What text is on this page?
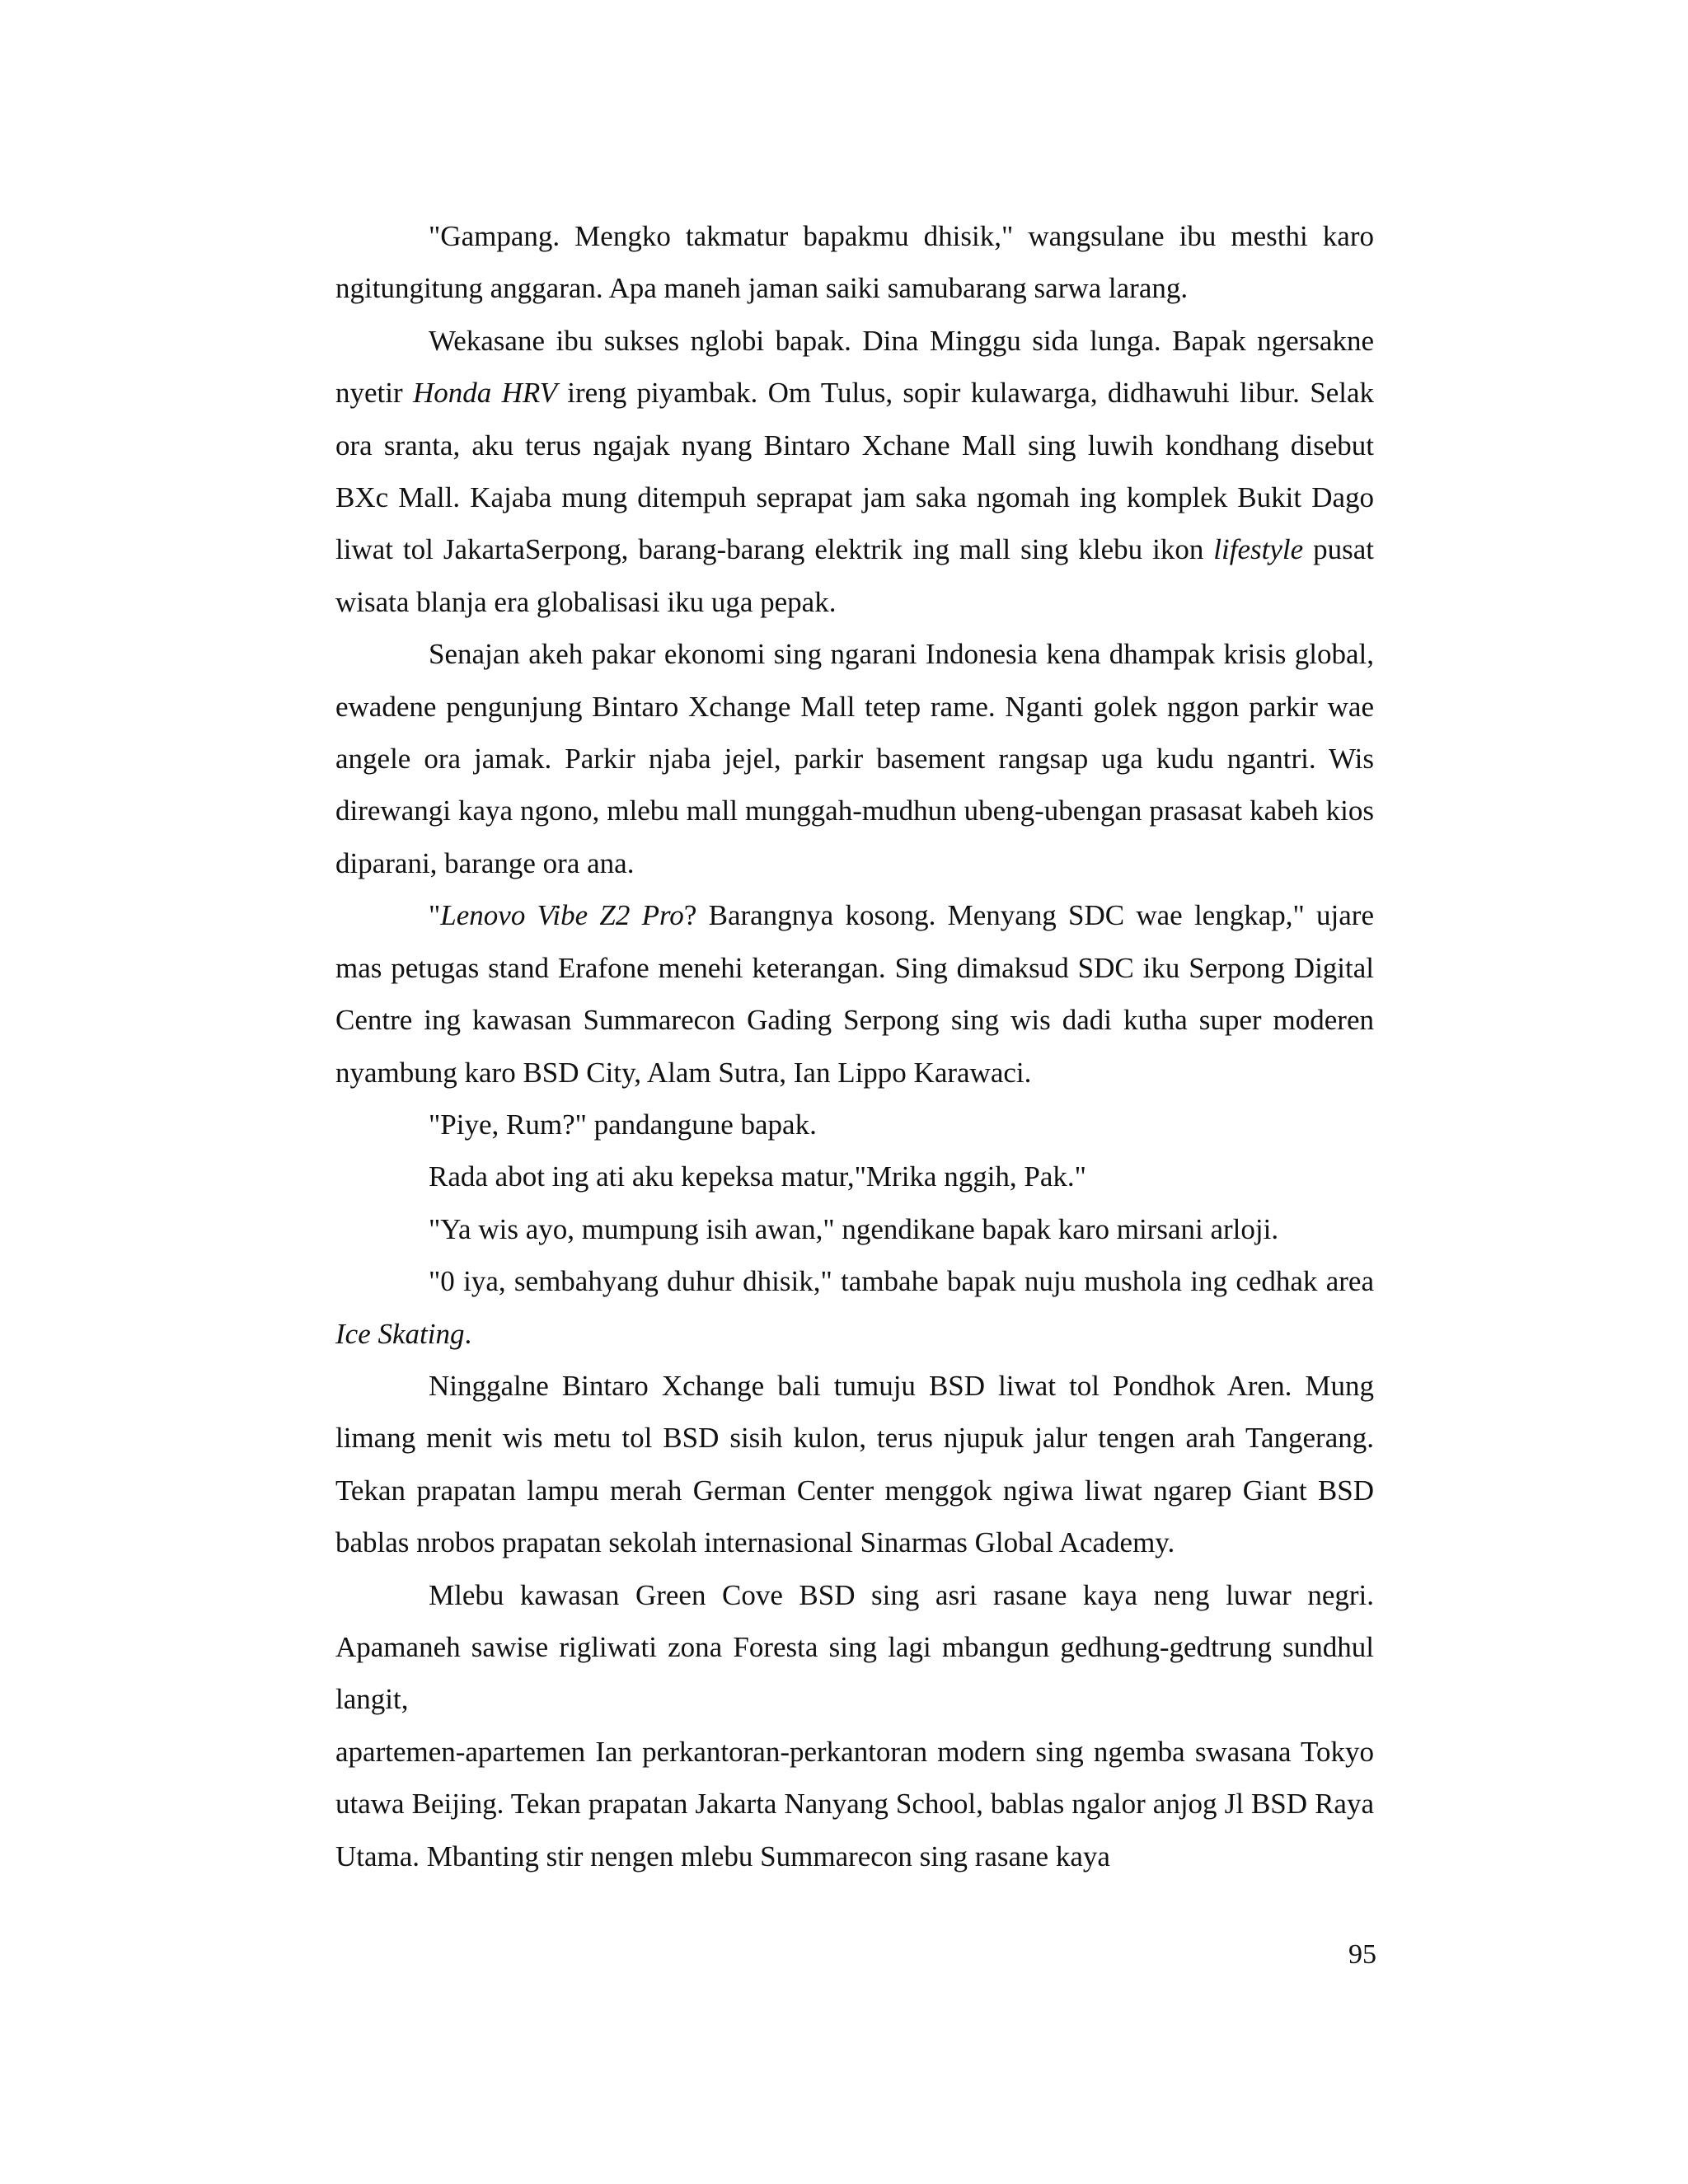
"Gampang. Mengko takmatur bapakmu dhisik," wangsulane ibu mesthi karo ngitungitung anggaran. Apa maneh jaman saiki samubarang sarwa larang.

Wekasane ibu sukses nglobi bapak. Dina Minggu sida lunga. Bapak ngersakne nyetir Honda HRV ireng piyambak. Om Tulus, sopir kulawarga, didhawuhi libur. Selak ora sranta, aku terus ngajak nyang Bintaro Xchane Mall sing luwih kondhang disebut BXc Mall. Kajaba mung ditempuh seprapat jam saka ngomah ing komplek Bukit Dago liwat tol JakartaSerpong, barang-barang elektrik ing mall sing klebu ikon lifestyle pusat wisata blanja era globalisasi iku uga pepak.

Senajan akeh pakar ekonomi sing ngarani Indonesia kena dhampak krisis global, ewadene pengunjung Bintaro Xchange Mall tetep rame. Nganti golek nggon parkir wae angele ora jamak. Parkir njaba jejel, parkir basement rangsap uga kudu ngantri. Wis direwangi kaya ngono, mlebu mall munggah-mudhun ubeng-ubengan prasasat kabeh kios diparani, barange ora ana.

"Lenovo Vibe Z2 Pro? Barangnya kosong. Menyang SDC wae lengkap," ujare mas petugas stand Erafone menehi keterangan. Sing dimaksud SDC iku Serpong Digital Centre ing kawasan Summarecon Gading Serpong sing wis dadi kutha super moderen nyambung karo BSD City, Alam Sutra, Ian Lippo Karawaci.

"Piye, Rum?" pandangune bapak.

Rada abot ing ati aku kepeksa matur,"Mrika nggih, Pak."

"Ya wis ayo, mumpung isih awan," ngendikane bapak karo mirsani arloji.

"0 iya, sembahyang duhur dhisik," tambahe bapak nuju mushola ing cedhak area Ice Skating.

Ninggalne Bintaro Xchange bali tumuju BSD liwat tol Pondhok Aren. Mung limang menit wis metu tol BSD sisih kulon, terus njupuk jalur tengen arah Tangerang. Tekan prapatan lampu merah German Center menggok ngiwa liwat ngarep Giant BSD bablas nrobos prapatan sekolah internasional Sinarmas Global Academy.

Mlebu kawasan Green Cove BSD sing asri rasane kaya neng luwar negri. Apamaneh sawise rigliwati zona Foresta sing lagi mbangun gedhung-gedtrung sundhul langit,

apartemen-apartemen Ian perkantoran-perkantoran modern sing ngemba swasana Tokyo utawa Beijing. Tekan prapatan Jakarta Nanyang School, bablas ngalor anjog Jl BSD Raya Utama. Mbanting stir nengen mlebu Summarecon sing rasane kaya

95
